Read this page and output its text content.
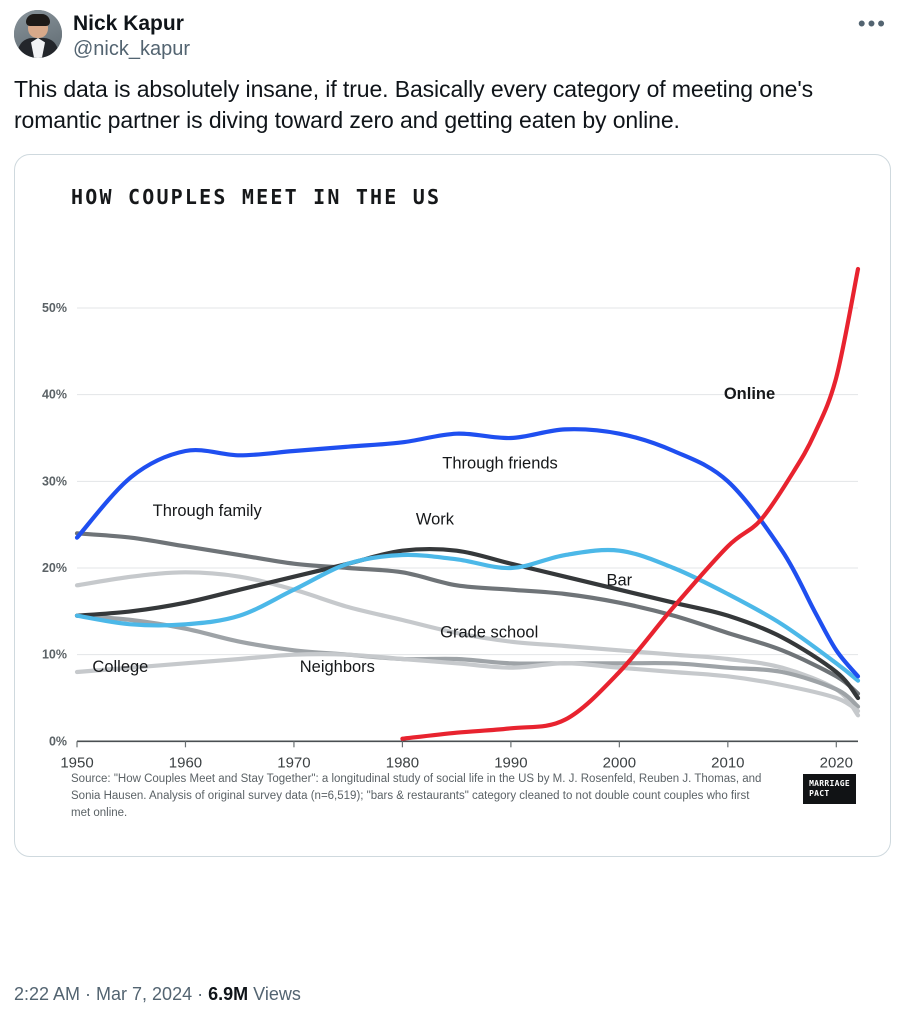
Nick Kapur
@nick_kapur
•••
This data is absolutely insane, if true. Basically every category of meeting one's romantic partner is diving toward zero and getting eaten by online.
HOW COUPLES MEET IN THE US
0%
10%
20%
30%
40%
50%
1950	1960	1970	1980	1990	2000	2010	2020
Through friends
Online
Work
Bar
Through family
Grade school
College	Neighbors
Source: "How Couples Meet and Stay Together": a longitudinal study of social life in the US by M. J. Rosenfeld, Reuben J. Thomas, and Sonia Hausen. Analysis of original survey data (n=6,519); "bars & restaurants" category cleaned to not double count couples who first met online.
MARRIAGE
PACT
2:22 AM · Mar 7, 2024 · 6.9M Views
